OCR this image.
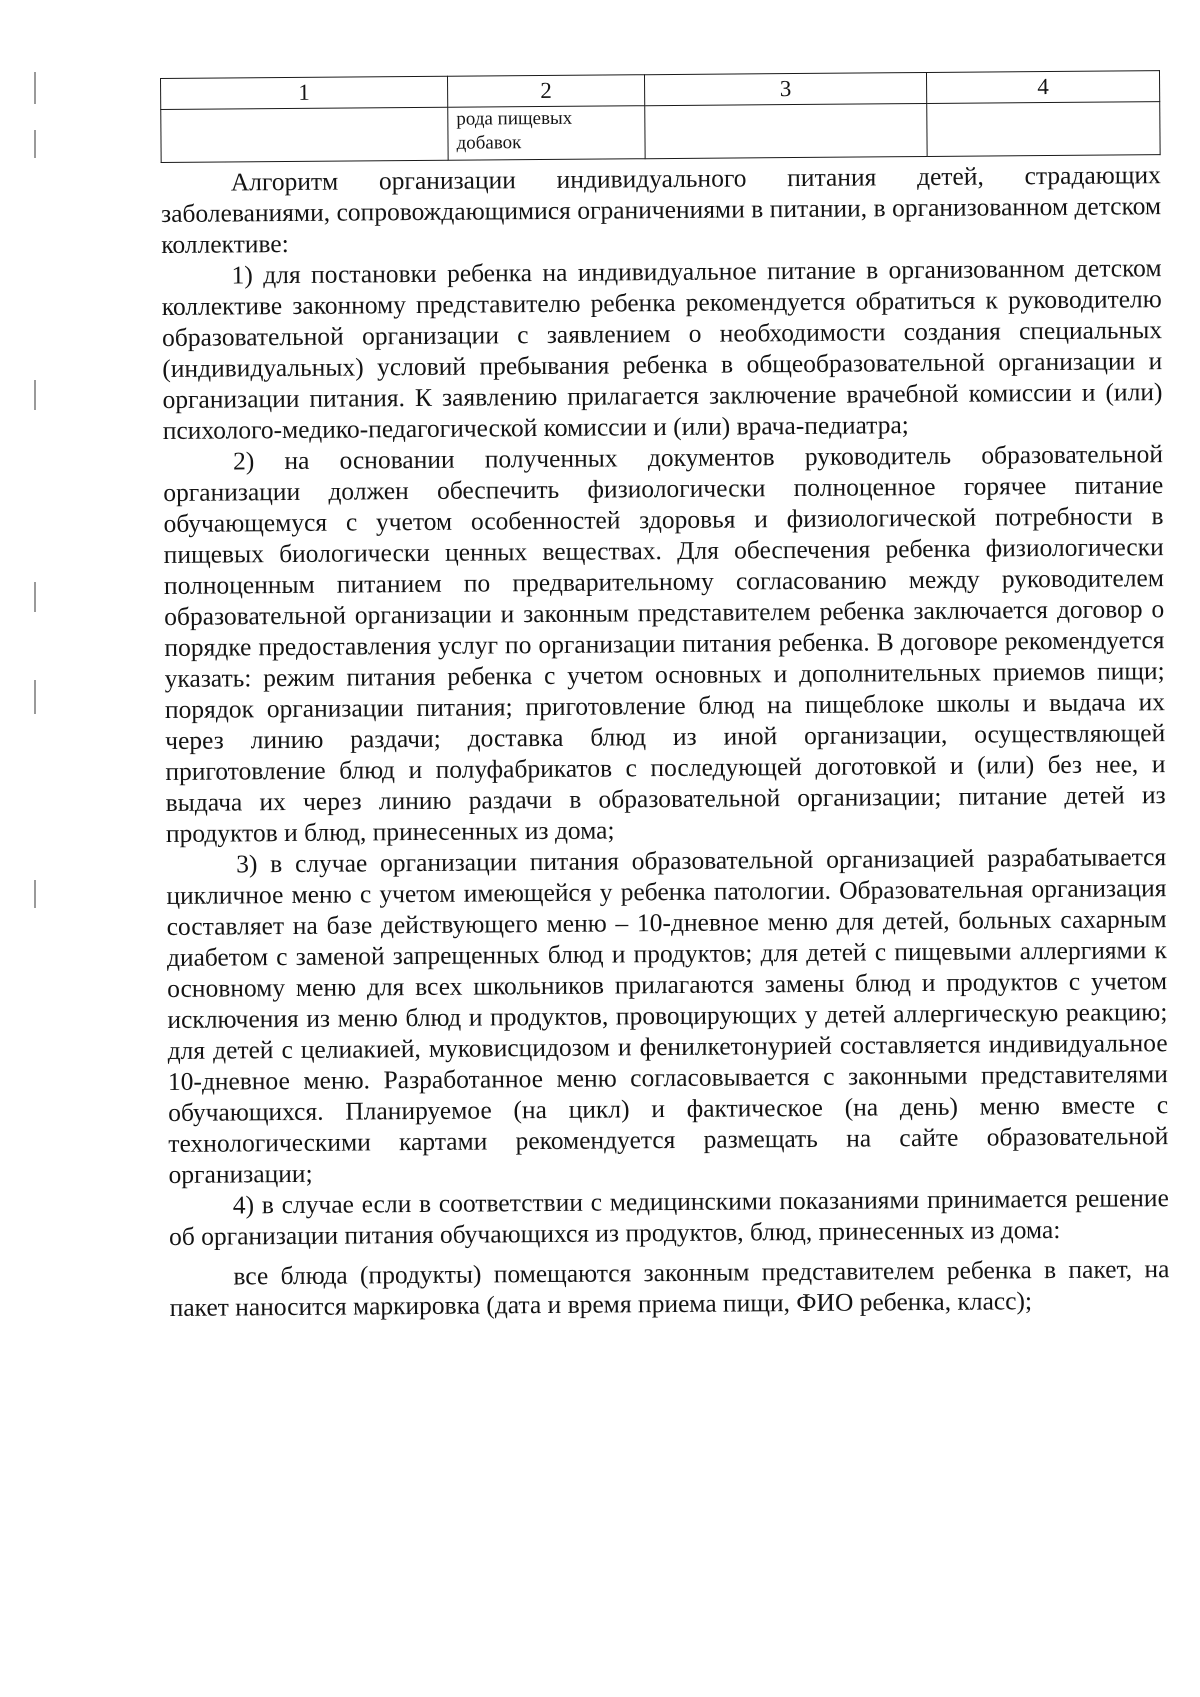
1	2	3	4
	рода пищевых добавок		

Алгоритм организации индивидуального питания детей, страдающих заболеваниями, сопровождающимися ограничениями в питании, в организованном детском коллективе:

1) для постановки ребенка на индивидуальное питание в организованном детском коллективе законному представителю ребенка рекомендуется обратиться к руководителю образовательной организации с заявлением о необходимости создания специальных (индивидуальных) условий пребывания ребенка в общеобразовательной организации и организации питания. К заявлению прилагается заключение врачебной комиссии и (или) психолого-медико-педагогической комиссии и (или) врача-педиатра;

2) на основании полученных документов руководитель образовательной организации должен обеспечить физиологически полноценное горячее питание обучающемуся с учетом особенностей здоровья и физиологической потребности в пищевых биологически ценных веществах. Для обеспечения ребенка физиологически полноценным питанием по предварительному согласованию между руководителем образовательной организации и законным представителем ребенка заключается договор о порядке предоставления услуг по организации питания ребенка. В договоре рекомендуется указать: режим питания ребенка с учетом основных и дополнительных приемов пищи; порядок организации питания; приготовление блюд на пищеблоке школы и выдача их через линию раздачи; доставка блюд из иной организации, осуществляющей приготовление блюд и полуфабрикатов с последующей доготовкой и (или) без нее, и выдача их через линию раздачи в образовательной организации; питание детей из продуктов и блюд, принесенных из дома;

3) в случае организации питания образовательной организацией разрабатывается цикличное меню с учетом имеющейся у ребенка патологии. Образовательная организация составляет на базе действующего меню – 10-дневное меню для детей, больных сахарным диабетом с заменой запрещенных блюд и продуктов; для детей с пищевыми аллергиями к основному меню для всех школьников прилагаются замены блюд и продуктов с учетом исключения из меню блюд и продуктов, провоцирующих у детей аллергическую реакцию; для детей с целиакией, муковисцидозом и фенилкетонурией составляется индивидуальное 10-дневное меню. Разработанное меню согласовывается с законными представителями обучающихся. Планируемое (на цикл) и фактическое (на день) меню вместе с технологическими картами рекомендуется размещать на сайте образовательной организации;

4) в случае если в соответствии с медицинскими показаниями принимается решение об организации питания обучающихся из продуктов, блюд, принесенных из дома:

все блюда (продукты) помещаются законным представителем ребенка в пакет, на пакет наносится маркировка (дата и время приема пищи, ФИО ребенка, класс);
